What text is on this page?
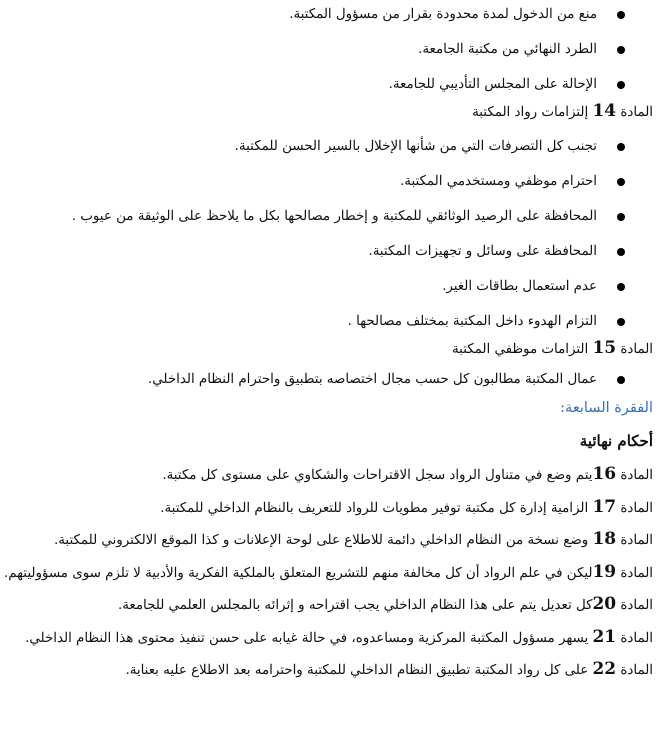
منع من الدخول لمدة محدودة بقرار من مسؤول المكتبة.
الطرد النهائي من مكتبة الجامعة.
الإحالة على المجلس التأديبي للجامعة.

المادة 14 إلتزامات رواد المكتبة

تجنب كل التصرفات التي من شأنها الإخلال بالسير الحسن للمكتبة.
احترام موظفي ومستخدمي المكتبة.
المحافظة على الرصيد الوثائقي للمكتبة و إخطار مصالحها بكل ما يلاحظ على الوثيقة من عيوب .
المحافظة على وسائل و تجهيزات المكتبة.
عدم استعمال بطاقات الغير.
التزام الهدوء داخل المكتبة بمختلف مصالحها .

المادة 15 التزامات موظفي المكتبة

عمال المكتبة مطالبون كل حسب مجال اختصاصه بتطبيق واحترام النظام الداخلي.

الفقرة السابعة:

أحكام نهائية

المادة 16يتم وضع في متناول الرواد سجل الاقتراحات والشكاوي على مستوى كل مكتبة.

المادة 17 الزامية إدارة كل مكتبة توفير مطويات للرواد للتعريف بالنظام الداخلي للمكتبة.

المادة 18 وضع نسخة من النظام الداخلي دائمة للاطلاع على لوحة الإعلانات و كذا الموقع الالكتروني للمكتبة.

المادة 19ليكن في علم الرواد أن كل مخالفة منهم للتشريع المتعلق بالملكية الفكرية والأدبية لا تلزم سوى مسؤوليتهم.

المادة 20كل تعديل يتم على هذا النظام الداخلي يجب اقتراحه و إثرائه بالمجلس العلمي للجامعة.

المادة 21 يسهر مسؤول المكتبة المركزية ومساعدوه، في حالة غيابه على حسن تنفيذ محتوى هذا النظام الداخلي.

المادة 22 على كل رواد المكتبة تطبيق النظام الداخلي للمكتبة واحترامه بعد الاطلاع عليه بعناية.
